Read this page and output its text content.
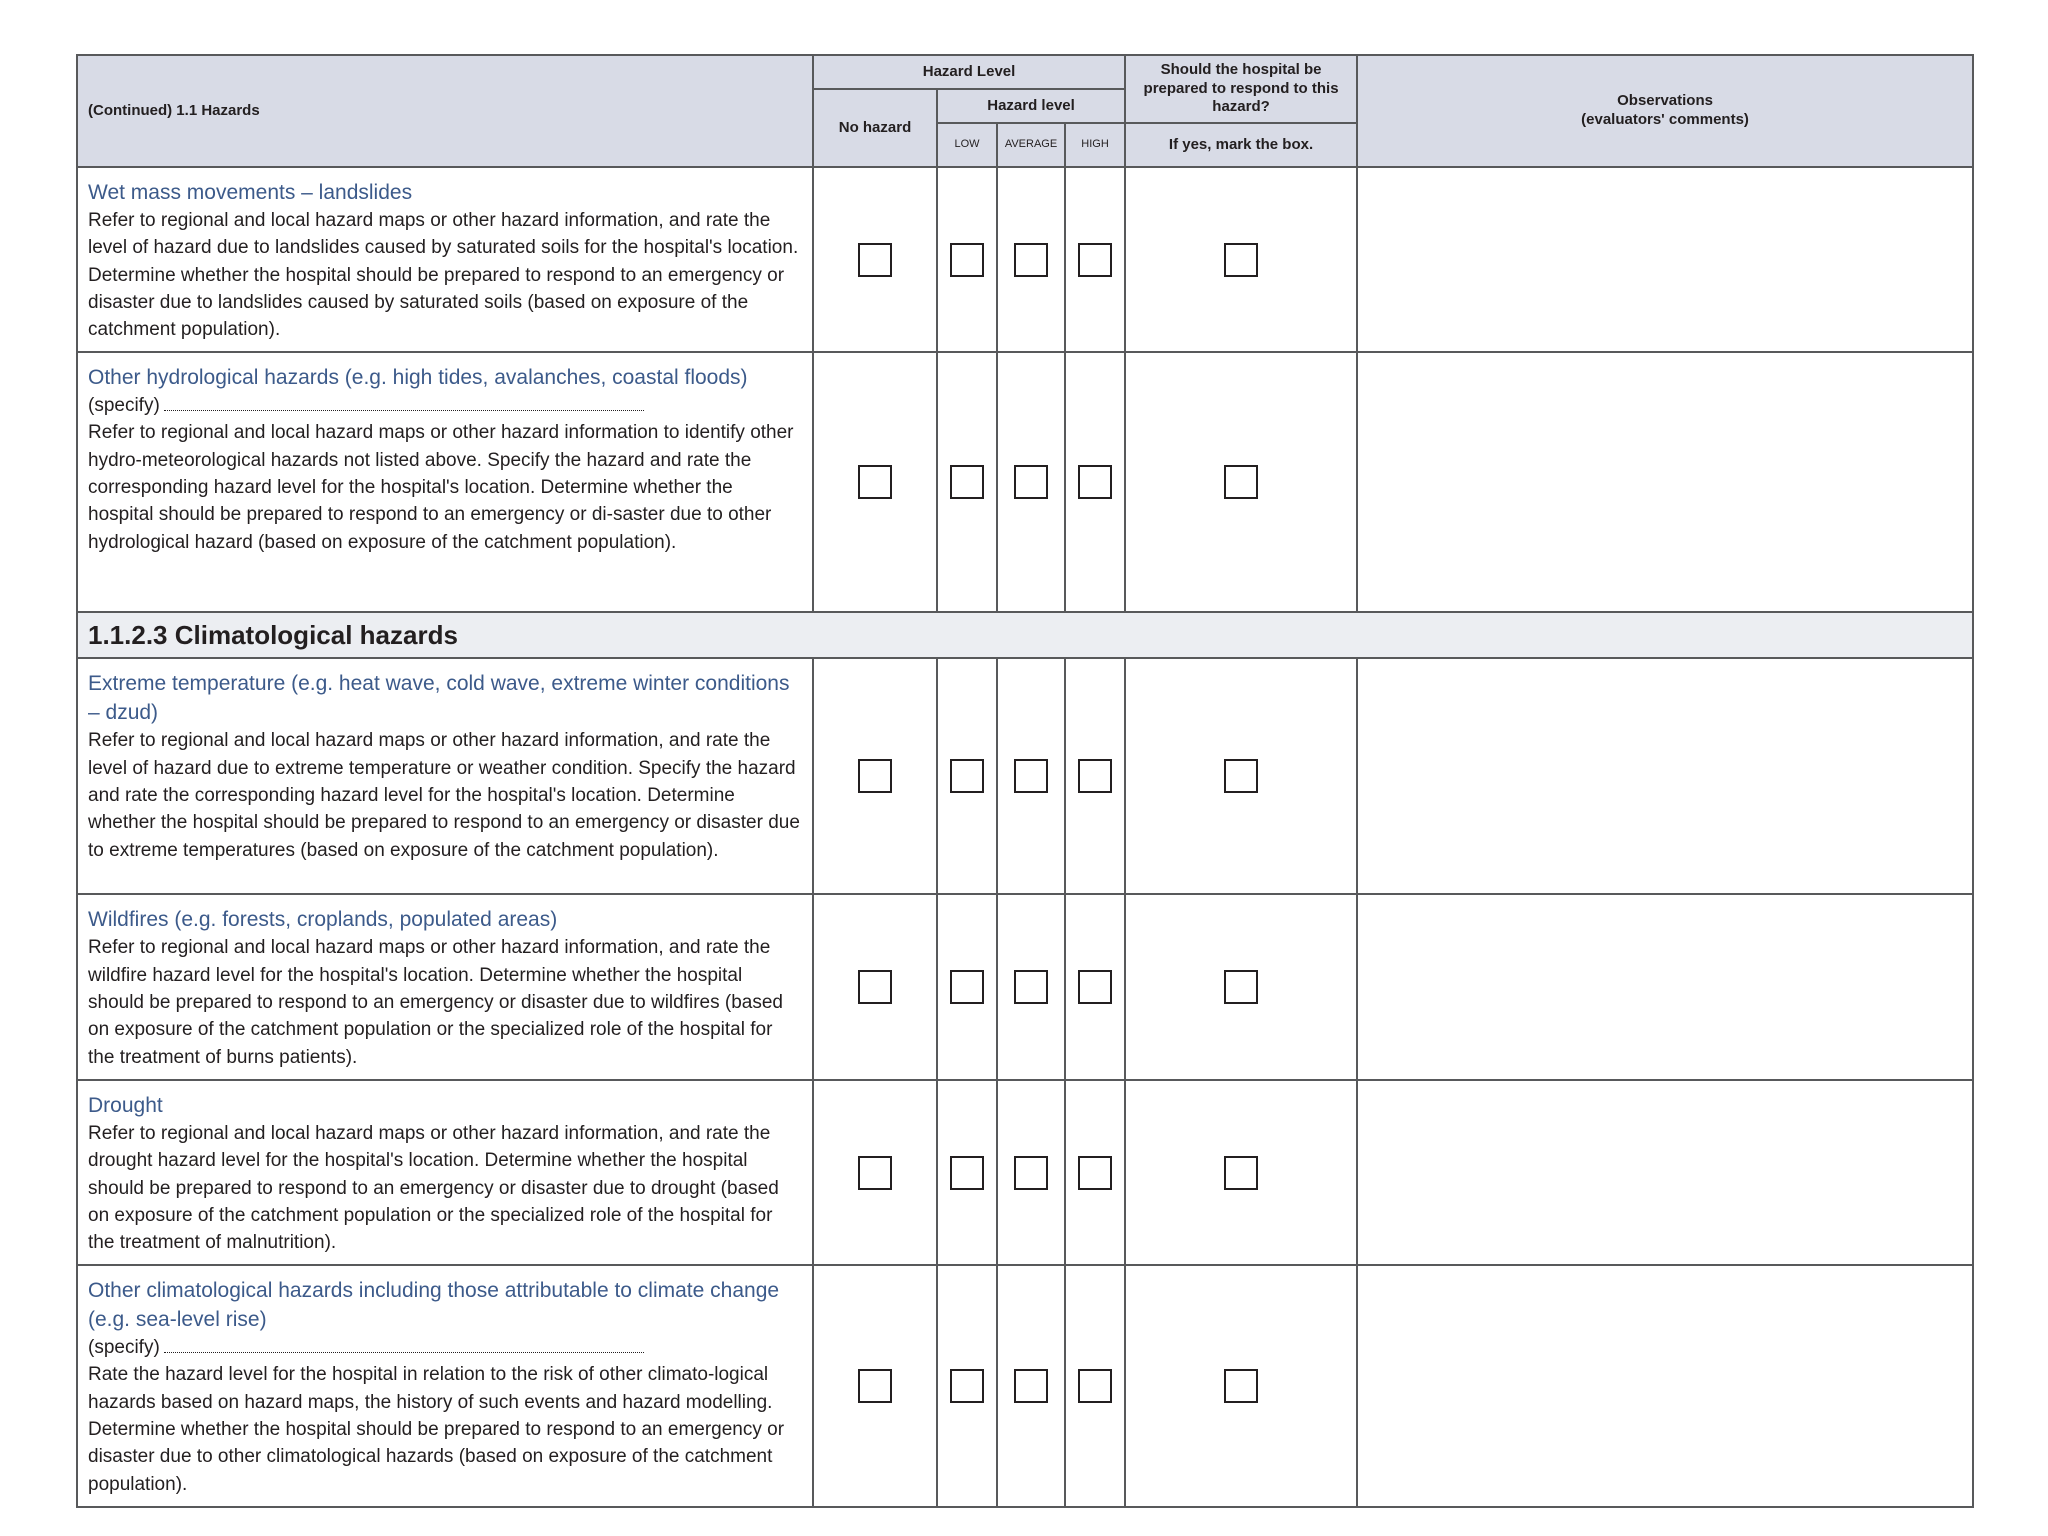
(Continued) 1.1 Hazards	Hazard Level				Should the hospital be prepared to respond to this hazard?	Observations
(evaluators' comments)

	No hazard	Hazard level				
		LOW	AVERAGE	HIGH	If yes, mark the box.	

Wet mass movements – landslides
Refer to regional and local hazard maps or other hazard information, and rate the level of hazard due to landslides caused by saturated soils for the hospital's location. Determine whether the hospital should be prepared to respond to an emergency or disaster due to landslides caused by saturated soils (based on exposure of the catchment population).						

Other hydrological hazards (e.g. high tides, avalanches, coastal floods)
(specify)
Refer to regional and local hazard maps or other hazard information to identify other hydro-meteorological hazards not listed above. Specify the hazard and rate the corresponding hazard level for the hospital's location. Determine whether the hospital should be prepared to respond to an emergency or di-saster due to other hydrological hazard (based on exposure of the catchment population).						

1.1.2.3 Climatological hazards						

Extreme temperature (e.g. heat wave, cold wave, extreme winter conditions – dzud)
Refer to regional and local hazard maps or other hazard information, and rate the level of hazard due to extreme temperature or weather condition. Specify the hazard and rate the corresponding hazard level for the hospital's location. Determine whether the hospital should be prepared to respond to an emergency or disaster due to extreme temperatures (based on exposure of the catchment population).						

Wildfires (e.g. forests, croplands, populated areas)
Refer to regional and local hazard maps or other hazard information, and rate the wildfire hazard level for the hospital's location. Determine whether the hospital should be prepared to respond to an emergency or disaster due to wildfires (based on exposure of the catchment population or the specialized role of the hospital for the treatment of burns patients).						

Drought
Refer to regional and local hazard maps or other hazard information, and rate the drought hazard level for the hospital's location. Determine whether the hospital should be prepared to respond to an emergency or disaster due to drought (based on exposure of the catchment population or the specialized role of the hospital for the treatment of malnutrition).						

Other climatological hazards including those attributable to climate change (e.g. sea-level rise)
(specify)
Rate the hazard level for the hospital in relation to the risk of other climato-logical hazards based on hazard maps, the history of such events and hazard modelling. Determine whether the hospital should be prepared to respond to an emergency or disaster due to other climatological hazards (based on exposure of the catchment population).						
